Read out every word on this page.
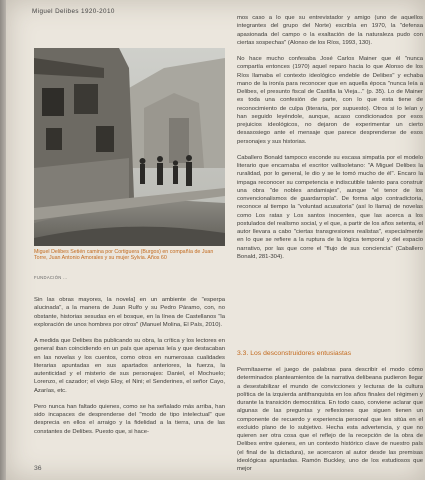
Miguel Delibes 1920-2010
Miguel Delibes Setién camina por Cortiguera (Burgos) en compañía de Juan Torre, Juan Antonio Amorales y su mujer Sylvia. Años 60
FUNDACIÓN ...

Sin las obras mayores, la novela] en un ambiente de "esperpa alucinada", a la manera de Juan Rulfo y su Pedro Páramo, con, no obstante, historias sesudas en el bosque, en la línea de Castellanos "la exploración de unos hombres por otros" (Manuel Molina, El País, 2010).

A medida que Delibes iba publicando su obra, la crítica y los lectores en general iban coincidiendo en un país que apenas leía y que destacaban en las novelas y los cuentos, como otros en numerosas cualidades literarias apuntadas en sus apartados anteriores, la fuerza, la autenticidad y el misterio de sus personajes: Daniel, el Mochuelo; Lorenzo, el cazador; el viejo Eloy, el Nini; el Senderines, el señor Cayo, Azarías, etc.

Pero nunca han faltado quienes, como se ha señalado más arriba, han sido incapaces de desprenderse del "modo de tipo intelectual" que desprecia en ellos el arraigo y la fidelidad a la tierra, una de las constantes de Delibes. Puesto que, si hace-

mos caso a lo que su entrevistador y amigo (uno de aquellos integrantes del grupo del Norte) escribía en 1970, la "defensa apasionada del campo o la exaltación de la naturaleza pudo con ciertas sospechas" (Alonso de los Ríos, 1993, 130).

No hace mucho confesaba José Carlos Mainer que él "nunca compartía entonces (1970) aquel reparo hacia lo que Alonso de los Ríos llamaba el contexto ideológico endeble de Delibes" y echaba mano de la ironía para reconocer que en aquella época "nunca leía a Delibes, el presunto fiscal de Castilla la Vieja..." (p. 35). Lo de Mainer es toda una confesión de parte, con lo que esta tiene de reconocimiento de culpa (literaria, por supuesto). Otros si lo leían y han seguido leyéndole, aunque, acaso condicionados por esos prejuicios ideológicos, no dejaron de experimentar un cierto desasosiego ante el mensaje que parece desprenderse de esos personajes y sus historias.

Caballero Bonald tampoco esconde su escasa simpatía por el modelo literario que encarnaba el escritor vallisoletano: "A Miguel Delibes la ruralidad, por lo general, le dio y se le tomó mucho de él". Encaro la impaga reconocer su competencia e indiscutible talento para construir una obra "de nobles andamiajes", aunque "el tenor de los convencionalismos de guardarropía". De forma algo contradictoria, reconoce al tiempo la "voluntad acusatoria" (así lo llama) de novelas como Los ratas y Los santos inocentes, que las acerca a los postulados del realismo social, y el que, a partir de los años setenta, el autor llevara a cabo "ciertas transgresiones realistas", especialmente en lo que se refiere a la ruptura de la lógica temporal y del espacio narrativo, por las que corre el "flujo de sus conciencia" (Caballero Bonald, 281-304).

3.3. Los desconstruidores entusiastas

Permítaseme el juego de palabras para describir el modo cómo determinados planteamientos de la narrativa delibeana pudieron llegar a desestabilizar el mundo de convicciones y lecturas de la cultura política de la izquierda antifranquista en los años finales del régimen y durante la transición democrática. En todo caso, conviene aclarar que algunas de las preguntas y reflexiones que siguen tienen un componente de recuerdo y experiencia personal que les sitúa en el excluido plano de lo subjetivo. Hecha esta advertencia, y que no quieren ser otra cosa que el reflejo de la recepción de la obra de Delibes entre quienes, en un contexto histórico clave de nuestro país (el final de la dictadura), se acercaron al autor desde las premisas ideológicas apuntadas. Ramón Buckley, uno de los estudiosos que mejor

36
